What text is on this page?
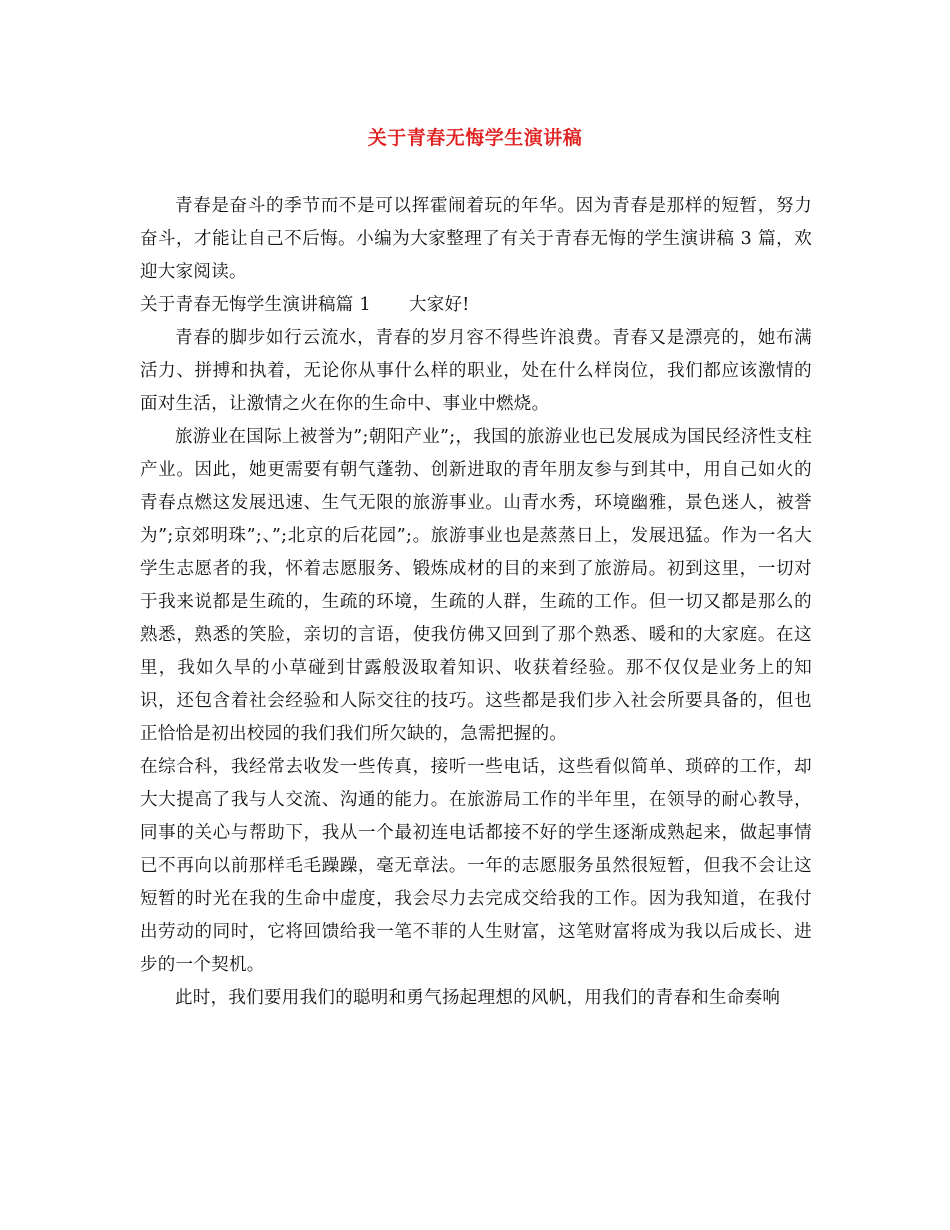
关于青春无悔学生演讲稿

青春是奋斗的季节而不是可以挥霍闹着玩的年华。因为青春是那样的短暂，努力奋斗，才能让自己不后悔。小编为大家整理了有关于青春无悔的学生演讲稿 3 篇，欢迎大家阅读。

关于青春无悔学生演讲稿篇 1 大家好!

青春的脚步如行云流水，青春的岁月容不得些许浪费。青春又是漂亮的，她布满活力、拼搏和执着，无论你从事什么样的职业，处在什么样岗位，我们都应该激情的面对生活，让激情之火在你的生命中、事业中燃烧。

旅游业在国际上被誉为”;朝阳产业”;，我国的旅游业也已发展成为国民经济性支柱产业。因此，她更需要有朝气蓬勃、创新进取的青年朋友参与到其中，用自己如火的青春点燃这发展迅速、生气无限的旅游事业。山青水秀，环境幽雅，景色迷人，被誉为”;京郊明珠”;、”;北京的后花园”;。旅游事业也是蒸蒸日上，发展迅猛。作为一名大学生志愿者的我，怀着志愿服务、锻炼成材的目的来到了旅游局。初到这里，一切对于我来说都是生疏的，生疏的环境，生疏的人群，生疏的工作。但一切又都是那么的熟悉，熟悉的笑脸，亲切的言语，使我仿佛又回到了那个熟悉、暖和的大家庭。在这里，我如久旱的小草碰到甘露般汲取着知识、收获着经验。那不仅仅是业务上的知识，还包含着社会经验和人际交往的技巧。这些都是我们步入社会所要具备的，但也正恰恰是初出校园的我们我们所欠缺的，急需把握的。

在综合科，我经常去收发一些传真，接听一些电话，这些看似简单、琐碎的工作，却大大提高了我与人交流、沟通的能力。在旅游局工作的半年里，在领导的耐心教导，同事的关心与帮助下，我从一个最初连电话都接不好的学生逐渐成熟起来，做起事情已不再向以前那样毛毛躁躁，毫无章法。一年的志愿服务虽然很短暂，但我不会让这短暂的时光在我的生命中虚度，我会尽力去完成交给我的工作。因为我知道，在我付出劳动的同时，它将回馈给我一笔不菲的人生财富，这笔财富将成为我以后成长、进步的一个契机。

此时，我们要用我们的聪明和勇气扬起理想的风帆，用我们的青春和生命奏响
